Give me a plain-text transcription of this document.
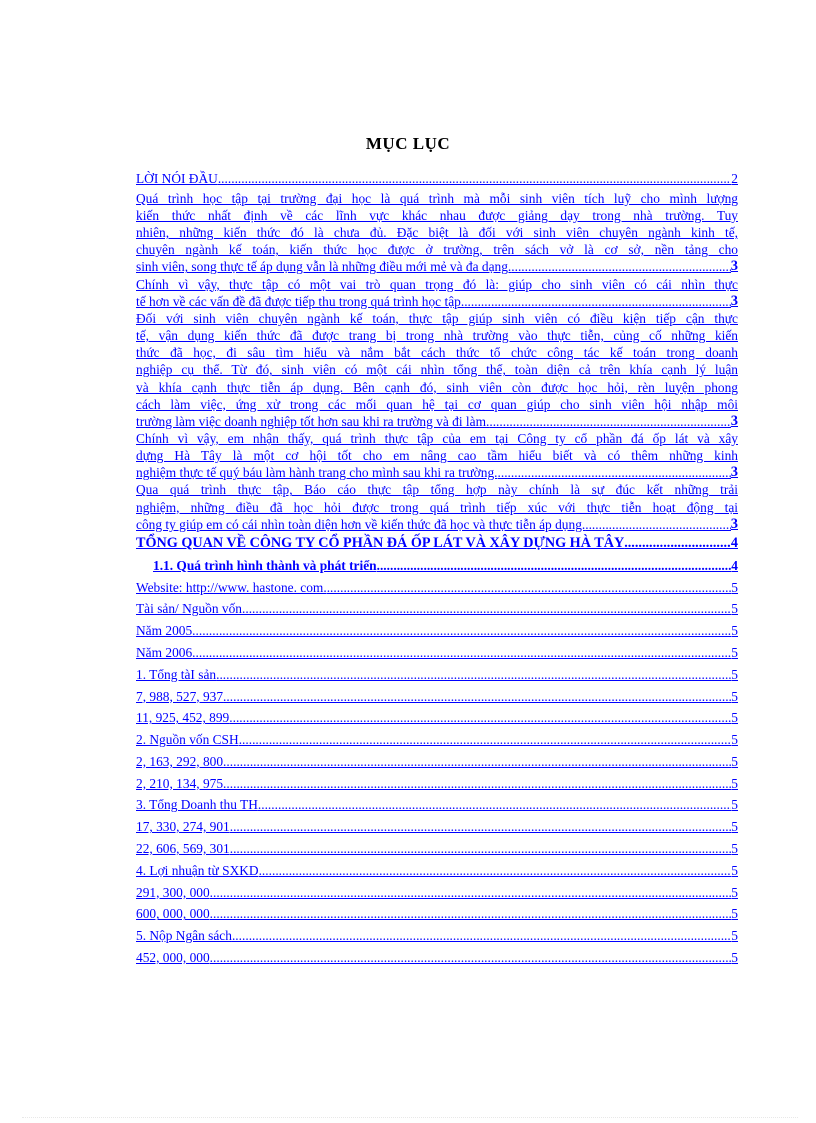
MỤC LỤC
LỜI NÓI ĐẦU .....	2
Quá trình học tập tại trường đại học là quá trình mà mỗi sinh viên tích luỹ cho mình lượng
kiến thức nhất định về các lĩnh vực khác nhau được giảng dạy trong nhà trường. Tuy
nhiên, những kiến thức đó là chưa đủ. Đặc biệt là đối với sinh viên chuyên ngành kinh tế,
chuyên ngành kế toán, kiến thức học được ở trường, trên sách vở là cơ sở, nền tảng cho
sinh viên, song thực tế áp dụng vẫn là những điều mới mẻ và đa dạng. .....	3
Chính vì vậy, thực tập có một vai trò quan trọng đó là: giúp cho sinh viên có cái nhìn thực
tế hơn về các vấn đề đã được tiếp thu trong quá trình học tập. .....	3
Đối với sinh viên chuyên ngành kế toán, thực tập giúp sinh viên có điều kiện tiếp cận thực
tế, vận dụng kiến thức đã được trang bị trong nhà trường vào thực tiễn, củng cố những kiến
thức đã học, đi sâu tìm hiểu và nắm bắt cách thức tổ chức công tác kế toán trong doanh
nghiệp cụ thể. Từ đó, sinh viên có một cái nhìn tổng thể, toàn diện cả trên khía cạnh lý luận
và khía cạnh thực tiễn áp dụng. Bên cạnh đó, sinh viên còn được học hỏi, rèn luyện phong
cách làm việc, ứng xử trong các mối quan hệ tại cơ quan giúp cho sinh viên hội nhập môi
trường làm việc doanh nghiệp tốt hơn sau khi ra trường và đi làm. .....	3
Chính vì vậy, em nhận thấy, quá trình thực tập của em tại Công ty cổ phần đá ốp lát và xây
dựng Hà Tây là một cơ hội tốt cho em nâng cao tầm hiểu biết và có thêm những kinh
nghiệm thực tế quý báu làm hành trang cho mình sau khi ra trường. .....	3
Qua quá trình thực tập, Báo cáo thực tập tổng hợp này chính là sự đúc kết những trải
nghiệm, những điều đã học hỏi được trong quá trình tiếp xúc với thực tiễn hoạt động tại
công ty giúp em có cái nhìn toàn diện hơn về kiến thức đã học và thực tiễn áp dụng. .....	3
TỔNG QUAN VỀ CÔNG TY CỔ PHẦN ĐÁ ỐP LÁT VÀ XÂY DỰNG HÀ TÂY .....	4
1.1. Quá trình hình thành và phát triển .....	4
Website: http://www. hastone. com. .....	5
Tài sản/ Nguồn vốn .....	5
Năm 2005 .....	5
Năm 2006 .....	5
1. Tổng tàI sản .....	5
7, 988, 527, 937 .....	5
11, 925, 452, 899 .....	5
2. Nguồn vốn CSH .....	5
2, 163, 292, 800 .....	5
2, 210, 134, 975 .....	5
3. Tổng Doanh thu TH .....	5
17, 330, 274, 901 .....	5
22, 606, 569, 301 .....	5
4. Lợi nhuận từ SXKD .....	5
291, 300, 000 .....	5
600, 000, 000 .....	5
5. Nộp Ngân sách .....	5
452, 000, 000 .....	5
